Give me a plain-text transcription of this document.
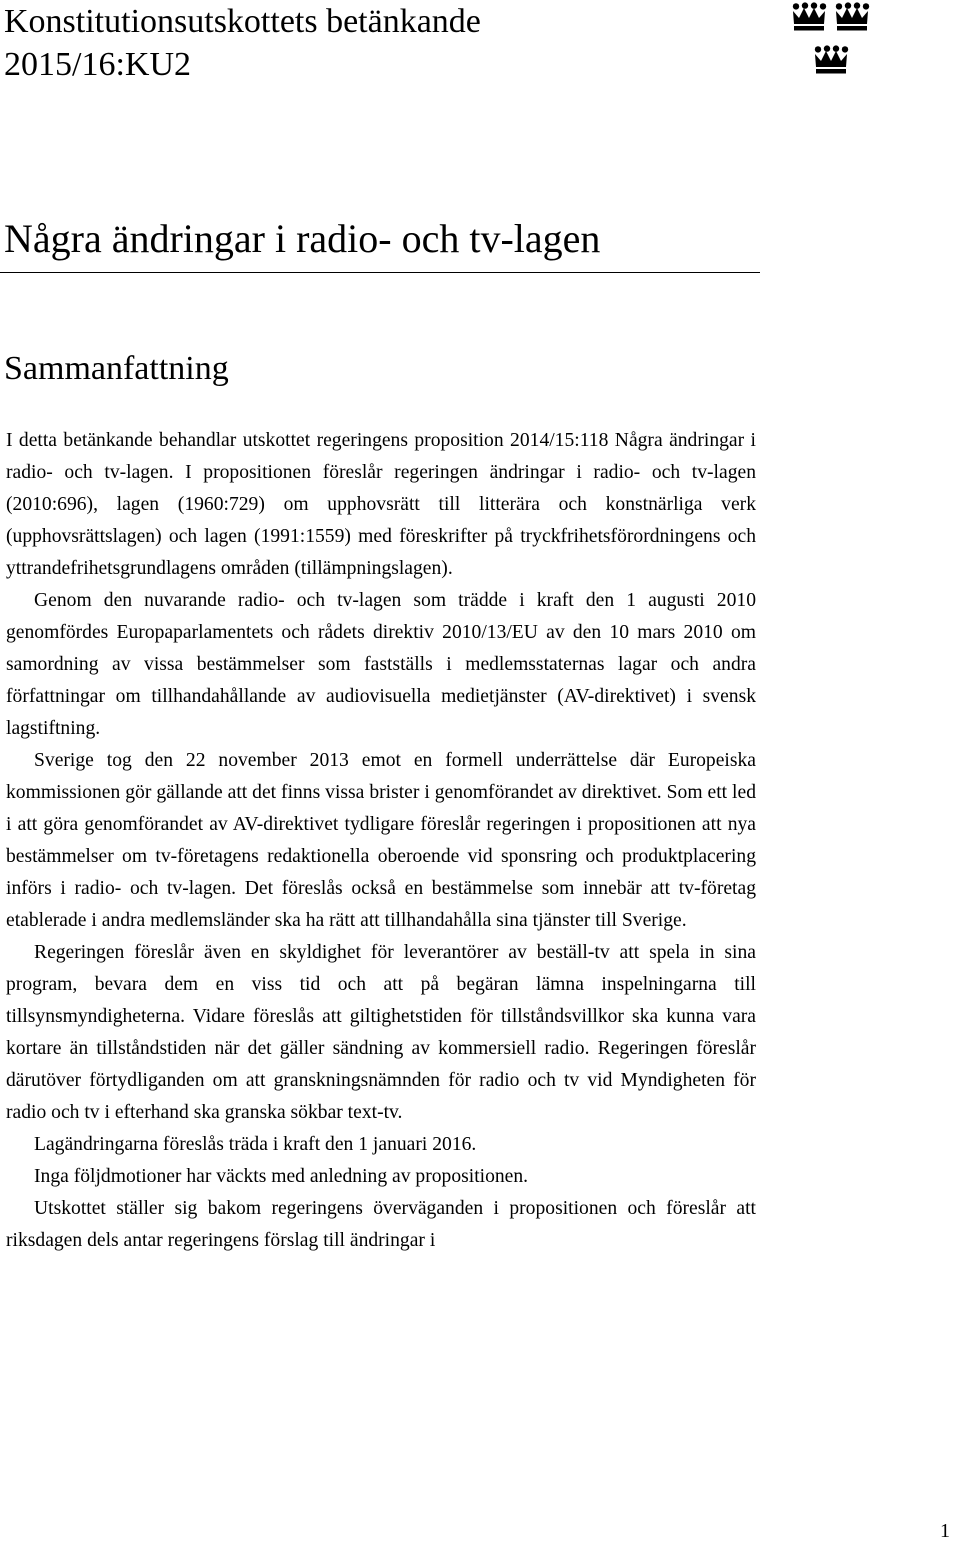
Konstitutionsutskottets betänkande
2015/16:KU2
Några ändringar i radio- och tv-lagen
Sammanfattning

I detta betänkande behandlar utskottet regeringens proposition 2014/15:118 Några ändringar i radio- och tv-lagen. I propositionen föreslår regeringen ändringar i radio- och tv-lagen (2010:696), lagen (1960:729) om upphovsrätt till litterära och konstnärliga verk (upphovsrättslagen) och lagen (1991:1559) med föreskrifter på tryckfrihetsförordningens och yttrandefrihetsgrundlagens områden (tillämpningslagen).

Genom den nuvarande radio- och tv-lagen som trädde i kraft den 1 augusti 2010 genomfördes Europaparlamentets och rådets direktiv 2010/13/EU av den 10 mars 2010 om samordning av vissa bestämmelser som fastställs i medlemsstaternas lagar och andra författningar om tillhandahållande av audiovisuella medietjänster (AV-direktivet) i svensk lagstiftning.

Sverige tog den 22 november 2013 emot en formell underrättelse där Europeiska kommissionen gör gällande att det finns vissa brister i genomförandet av direktivet. Som ett led i att göra genomförandet av AV-direktivet tydligare föreslår regeringen i propositionen att nya bestämmelser om tv-företagens redaktionella oberoende vid sponsring och produktplacering införs i radio- och tv-lagen. Det föreslås också en bestämmelse som innebär att tv-företag etablerade i andra medlemsländer ska ha rätt att tillhandahålla sina tjänster till Sverige.

Regeringen föreslår även en skyldighet för leverantörer av beställ-tv att spela in sina program, bevara dem en viss tid och att på begäran lämna inspelningarna till tillsynsmyndigheterna. Vidare föreslås att giltighetstiden för tillståndsvillkor ska kunna vara kortare än tillståndstiden när det gäller sändning av kommersiell radio. Regeringen föreslår därutöver förtydliganden om att granskningsnämnden för radio och tv vid Myndigheten för radio och tv i efterhand ska granska sökbar text-tv.

Lagändringarna föreslås träda i kraft den 1 januari 2016.

Inga följdmotioner har väckts med anledning av propositionen.

Utskottet ställer sig bakom regeringens överväganden i propositionen och föreslår att riksdagen dels antar regeringens förslag till ändringar i

1
